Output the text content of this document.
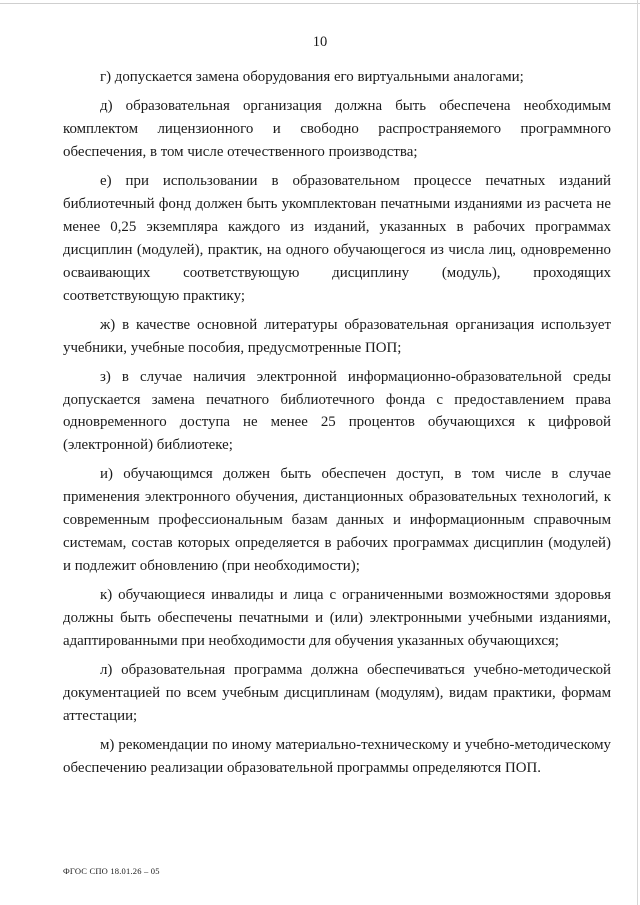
10

г) допускается замена оборудования его виртуальными аналогами;

д) образовательная организация должна быть обеспечена необходимым комплектом лицензионного и свободно распространяемого программного обеспечения, в том числе отечественного производства;

е) при использовании в образовательном процессе печатных изданий библиотечный фонд должен быть укомплектован печатными изданиями из расчета не менее 0,25 экземпляра каждого из изданий, указанных в рабочих программах дисциплин (модулей), практик, на одного обучающегося из числа лиц, одновременно осваивающих соответствующую дисциплину (модуль), проходящих соответствующую практику;

ж) в качестве основной литературы образовательная организация использует учебники, учебные пособия, предусмотренные ПОП;

з) в случае наличия электронной информационно-образовательной среды допускается замена печатного библиотечного фонда с предоставлением права одновременного доступа не менее 25 процентов обучающихся к цифровой (электронной) библиотеке;

и) обучающимся должен быть обеспечен доступ, в том числе в случае применения электронного обучения, дистанционных образовательных технологий, к современным профессиональным базам данных и информационным справочным системам, состав которых определяется в рабочих программах дисциплин (модулей) и подлежит обновлению (при необходимости);

к) обучающиеся инвалиды и лица с ограниченными возможностями здоровья должны быть обеспечены печатными и (или) электронными учебными изданиями, адаптированными при необходимости для обучения указанных обучающихся;

л) образовательная программа должна обеспечиваться учебно-методической документацией по всем учебным дисциплинам (модулям), видам практики, формам аттестации;

м) рекомендации по иному материально-техническому и учебно-методическому обеспечению реализации образовательной программы определяются ПОП.

ФГОС СПО 18.01.26 – 05
